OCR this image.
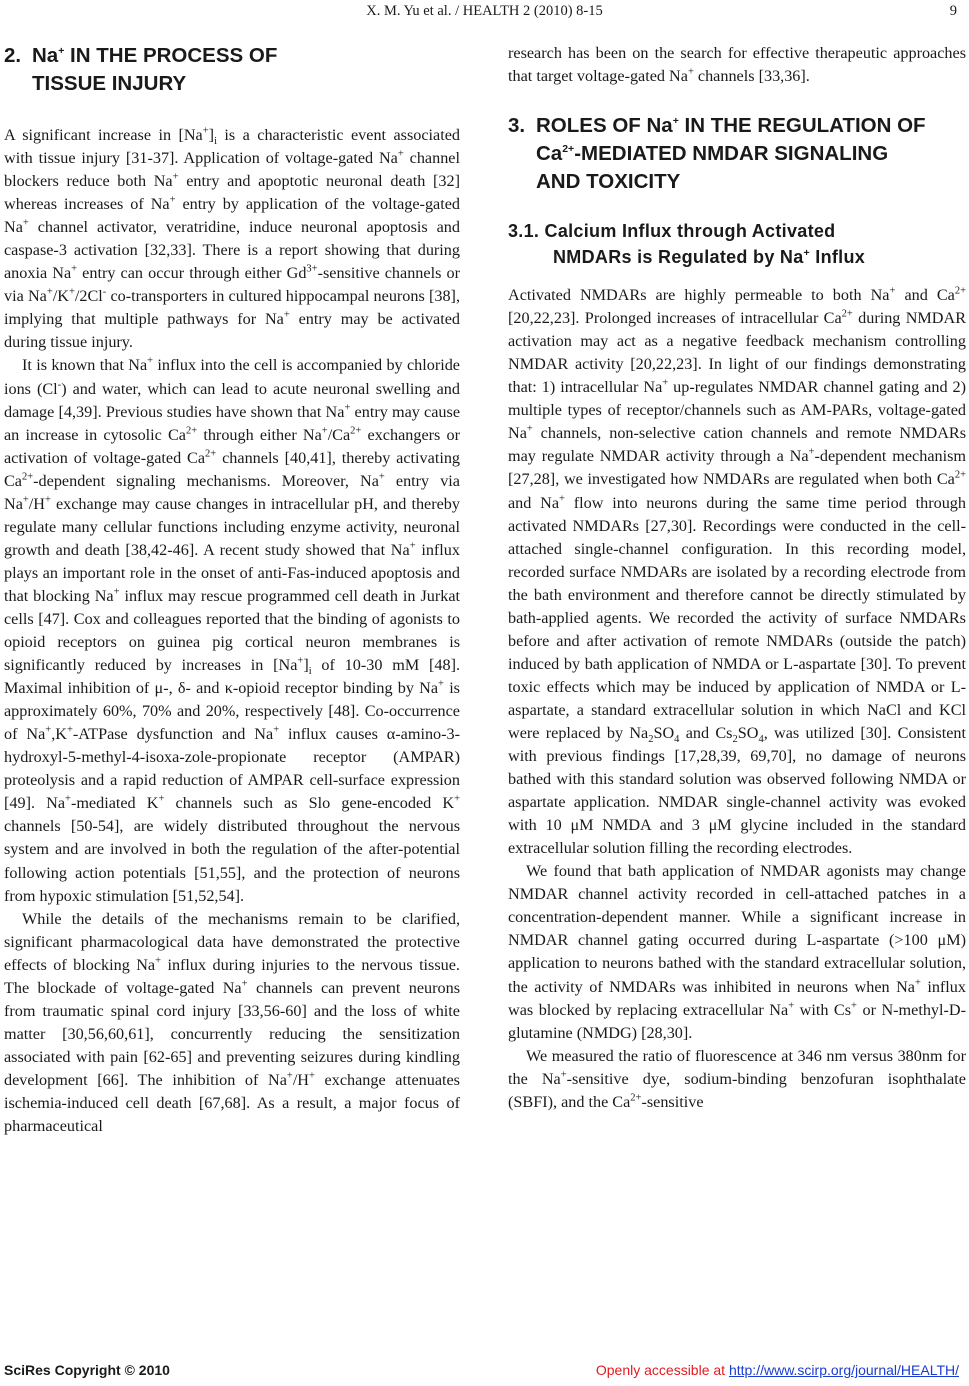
X. M. Yu et al. / HEALTH 2 (2010) 8-15	9
2. Na+ IN THE PROCESS OF
TISSUE INJURY

A significant increase in $[Na^+]_i$ is a characteristic event associated with tissue injury [31-37]. Application of voltage-gated Na+ channel blockers reduce both Na+ entry and apoptotic neuronal death [32] whereas increases of Na+ entry by application of the voltage-gated Na+ channel activator, veratridine, induce neuronal apoptosis and caspase-3 activation [32,33]. There is a report showing that during anoxia Na+ entry can occur through either $Gd^{3+}$-sensitive channels or via Na+/K+/2Cl- co-transporters in cultured hippocampal neurons [38], implying that multiple pathways for Na+ entry may be activated during tissue injury.

It is known that Na+ influx into the cell is accompanied by chloride ions (Cl-) and water, which can lead to acute neuronal swelling and damage [4,39]. Previous studies have shown that Na+ entry may cause an increase in cytosolic $Ca^{2+}$ through either $Na^+/Ca^{2+}$ exchangers or activation of voltage-gated $Ca^{2+}$ channels [40,41], thereby activating $Ca^{2+}$-dependent signaling mechanisms. Moreover, Na+ entry via Na+/H+ exchange may cause changes in intracellular pH, and thereby regulate many cellular functions including enzyme activity, neuronal growth and death [38,42-46]. A recent study showed that Na+ influx plays an important role in the onset of anti-Fas-induced apoptosis and that blocking Na+ influx may rescue programmed cell death in Jurkat cells [47]. Cox and colleagues reported that the binding of agonists to opioid receptors on guinea pig cortical neuron membranes is significantly reduced by increases in $[Na^+]_i$ of 10-30 mM [48]. Maximal inhibition of μ-, δ- and κ-opioid receptor binding by Na+ is approximately 60%, 70% and 20%, respectively [48]. Co-occurrence of Na+,K+-ATPase dysfunction and Na+ influx causes α-amino-3-hydroxyl-5-methyl-4-isoxa-zole-propionate receptor (AMPAR) proteolysis and a rapid reduction of AMPAR cell-surface expression [49]. Na+-mediated K+ channels such as Slo gene-encoded K+ channels [50-54], are widely distributed throughout the nervous system and are involved in both the regulation of the after-potential following action potentials [51,55], and the protection of neurons from hypoxic stimulation [51,52,54].

While the details of the mechanisms remain to be clarified, significant pharmacological data have demonstrated the protective effects of blocking Na+ influx during injuries to the nervous tissue. The blockade of voltage-gated Na+ channels can prevent neurons from traumatic spinal cord injury [33,56-60] and the loss of white matter [30,56,60,61], concurrently reducing the sensitization associated with pain [62-65] and preventing seizures during kindling development [66]. The inhibition of Na+/H+ exchange attenuates ischemia-induced cell death [67,68]. As a result, a major focus of pharmaceutical

research has been on the search for effective therapeutic approaches that target voltage-gated Na+ channels [33,36].

3. ROLES OF Na+ IN THE REGULATION OF
$Ca^{2+}$-MEDIATED NMDAR SIGNALING
AND TOXICITY
3.1. Calcium Influx through Activated
NMDARs is Regulated by Na+ Influx

Activated NMDARs are highly permeable to both Na+ and $Ca^{2+}$ [20,22,23]. Prolonged increases of intracellular $Ca^{2+}$ during NMDAR activation may act as a negative feedback mechanism controlling NMDAR activity [20,22,23]. In light of our findings demonstrating that: 1) intracellular Na+ up-regulates NMDAR channel gating and 2) multiple types of receptor/channels such as AM-PARs, voltage-gated Na+ channels, non-selective cation channels and remote NMDARs may regulate NMDAR activity through a Na+-dependent mechanism [27,28], we investigated how NMDARs are regulated when both $Ca^{2+}$ and Na+ flow into neurons during the same time period through activated NMDARs [27,30]. Recordings were conducted in the cell-attached single-channel configuration. In this recording model, recorded surface NMDARs are isolated by a recording electrode from the bath environment and therefore cannot be directly stimulated by bath-applied agents. We recorded the activity of surface NMDARs before and after activation of remote NMDARs (outside the patch) induced by bath application of NMDA or L-aspartate [30]. To prevent toxic effects which may be induced by application of NMDA or L-aspartate, a standard extracellular solution in which NaCl and KCl were replaced by $Na_2SO_4$ and $Cs_2SO_4$, was utilized [30]. Consistent with previous findings [17,28,39, 69,70], no damage of neurons bathed with this standard solution was observed following NMDA or aspartate application. NMDAR single-channel activity was evoked with 10 μM NMDA and 3 μM glycine included in the standard extracellular solution filling the recording electrodes.

We found that bath application of NMDAR agonists may change NMDAR channel activity recorded in cell-attached patches in a concentration-dependent manner. While a significant increase in NMDAR channel gating occurred during L-aspartate (>100 μM) application to neurons bathed with the standard extracellular solution, the activity of NMDARs was inhibited in neurons when Na+ influx was blocked by replacing extracellular Na+ with Cs+ or N-methyl-D-glutamine (NMDG) [28,30].

We measured the ratio of fluorescence at 346 nm versus 380nm for the Na+-sensitive dye, sodium-binding benzofuran isophthalate (SBFI), and the $Ca^{2+}$-sensitive

SciRes Copyright © 2010	Openly accessible at http://www.scirp.org/journal/HEALTH/
